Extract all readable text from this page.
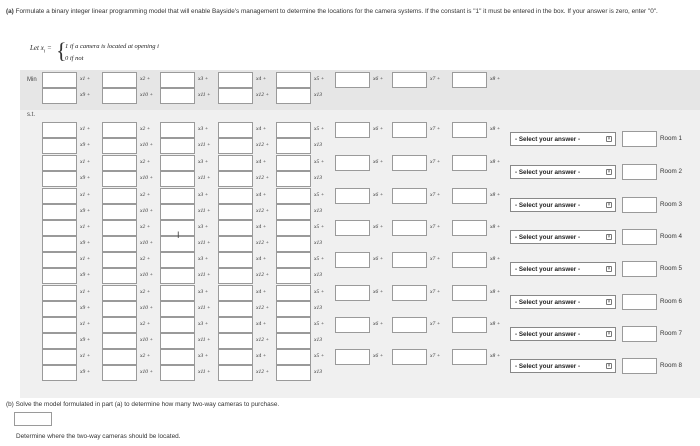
(a) Formulate a binary integer linear programming model that will enable Bayside's management to determine the locations for the camera systems. If the constant is "1" it must be entered in the box. If your answer is zero, enter "0".
Let $x_i$ = {
1 if a camera is located at opening i
0 if not
Min
s.t.
x1 +	x2 +	x3 +	x4 +	x5 +	x6 +	x7 +	x8 +
x9 +	x10 +	x11 +	x12 +	x13
x1 +	x2 +	x3 +	x4 +	x5 +	x6 +	x7 +	x8 +
x9 +	x10 +	x11 +	x12 +	x13
- Select your answer -	˅	Room 1
x1 +	x2 +	x3 +	x4 +	x5 +	x6 +	x7 +	x8 +
x9 +	x10 +	x11 +	x12 +	x13
- Select your answer -	˅	Room 2
x1 +	x2 +	x3 +	x4 +	x5 +	x6 +	x7 +	x8 +
x9 +	x10 +	x11 +	x12 +	x13
- Select your answer -	˅	Room 3
x1 +	x2 +	x3 +	x4 +	x5 +	x6 +	x7 +	x8 +
x9 +	x10 +	x11 +	x12 +	x13
- Select your answer -	˅	Room 4
x1 +	x2 +	x3 +	x4 +	x5 +	x6 +	x7 +	x8 +
x9 +	x10 +	x11 +	x12 +	x13
- Select your answer -	˅	Room 5
x1 +	x2 +	x3 +	x4 +	x5 +	x6 +	x7 +	x8 +
x9 +	x10 +	x11 +	x12 +	x13
- Select your answer -	˅	Room 6
x1 +	x2 +	x3 +	x4 +	x5 +	x6 +	x7 +	x8 +
x9 +	x10 +	x11 +	x12 +	x13
- Select your answer -	˅	Room 7
x1 +	x2 +	x3 +	x4 +	x5 +	x6 +	x7 +	x8 +
x9 +	x10 +	x11 +	x12 +	x13
- Select your answer -	˅	Room 8
I
(b) Solve the model formulated in part (a) to determine how many two-way cameras to purchase.
Determine where the two-way cameras should be located.
